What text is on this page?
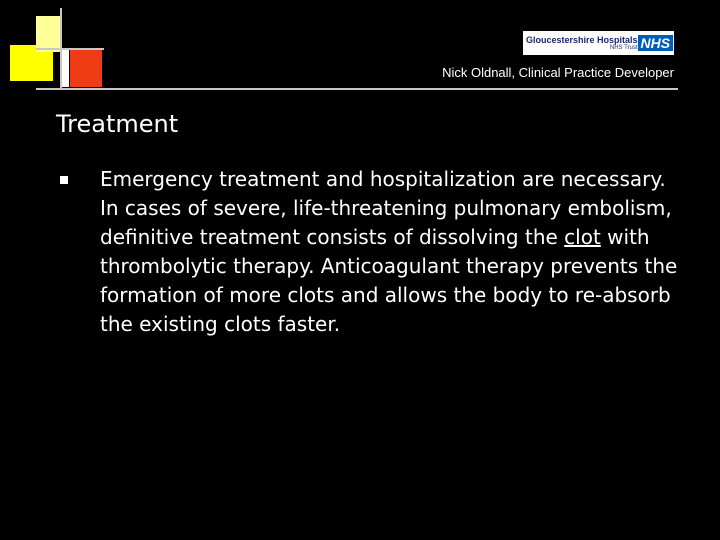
Gloucestershire Hospitals
NHS Trust NHS
Nick Oldnall, Clinical Practice Developer
Treatment
Emergency treatment and hospitalization are necessary. In cases of severe, life-threatening pulmonary embolism, definitive treatment consists of dissolving the clot with thrombolytic therapy. Anticoagulant therapy prevents the formation of more clots and allows the body to re-absorb the existing clots faster.
